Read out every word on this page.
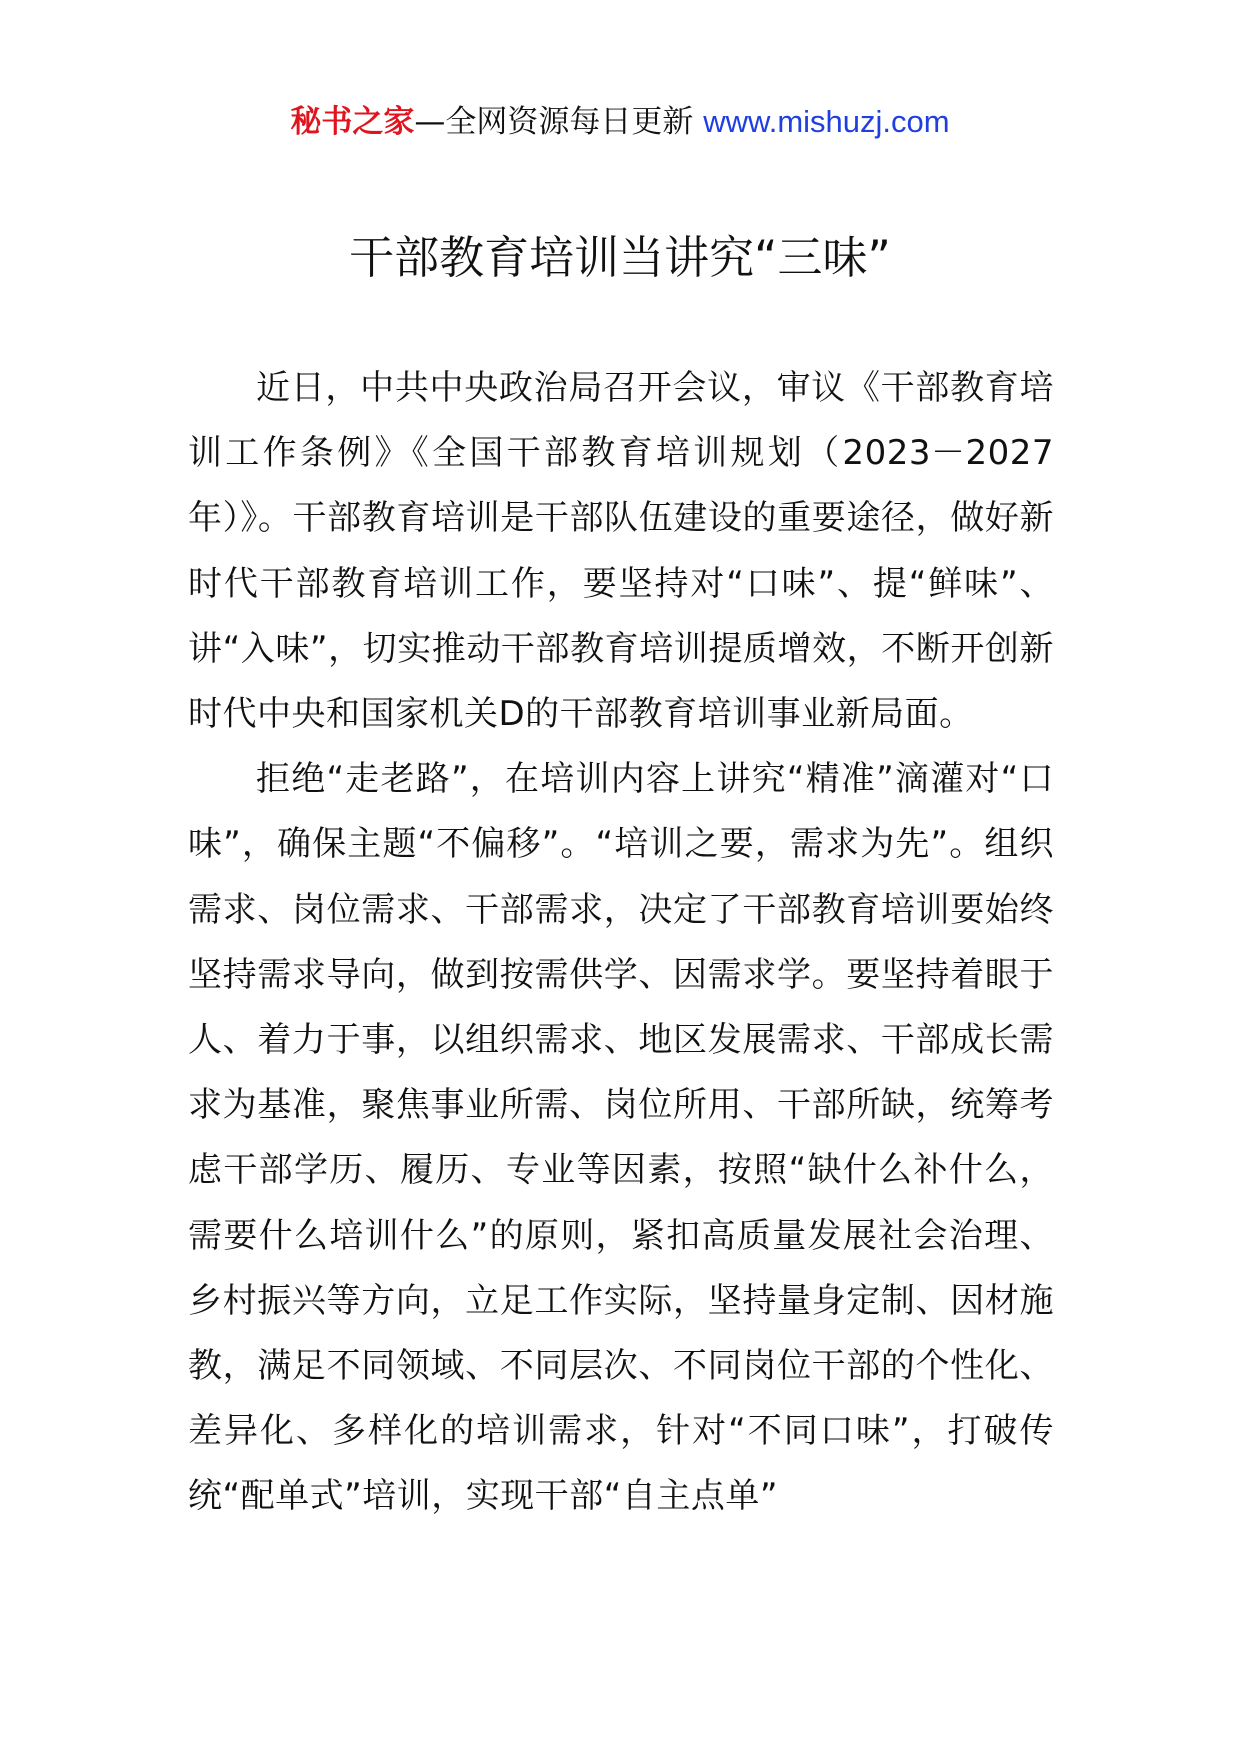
秘书之家—全网资源每日更新 www.mishuzj.com
干部教育培训当讲究“三味”

近日，中共中央政治局召开会议，审议《干部教育培训工作条例》《全国干部教育培训规划（2023－2027年）》。干部教育培训是干部队伍建设的重要途径，做好新时代干部教育培训工作，要坚持对“口味”、提“鲜味”、讲“入味”，切实推动干部教育培训提质增效，不断开创新时代中央和国家机关D的干部教育培训事业新局面。

拒绝“走老路”，在培训内容上讲究“精准”滴灌对“口味”，确保主题“不偏移”。“培训之要，需求为先”。组织需求、岗位需求、干部需求，决定了干部教育培训要始终坚持需求导向，做到按需供学、因需求学。要坚持着眼于人、着力于事，以组织需求、地区发展需求、干部成长需求为基准，聚焦事业所需、岗位所用、干部所缺，统筹考虑干部学历、履历、专业等因素，按照“缺什么补什么，需要什么培训什么”的原则，紧扣高质量发展社会治理、乡村振兴等方向，立足工作实际，坚持量身定制、因材施教，满足不同领域、不同层次、不同岗位干部的个性化、差异化、多样化的培训需求，针对“不同口味”，打破传统“配单式”培训，实现干部“自主点单”
